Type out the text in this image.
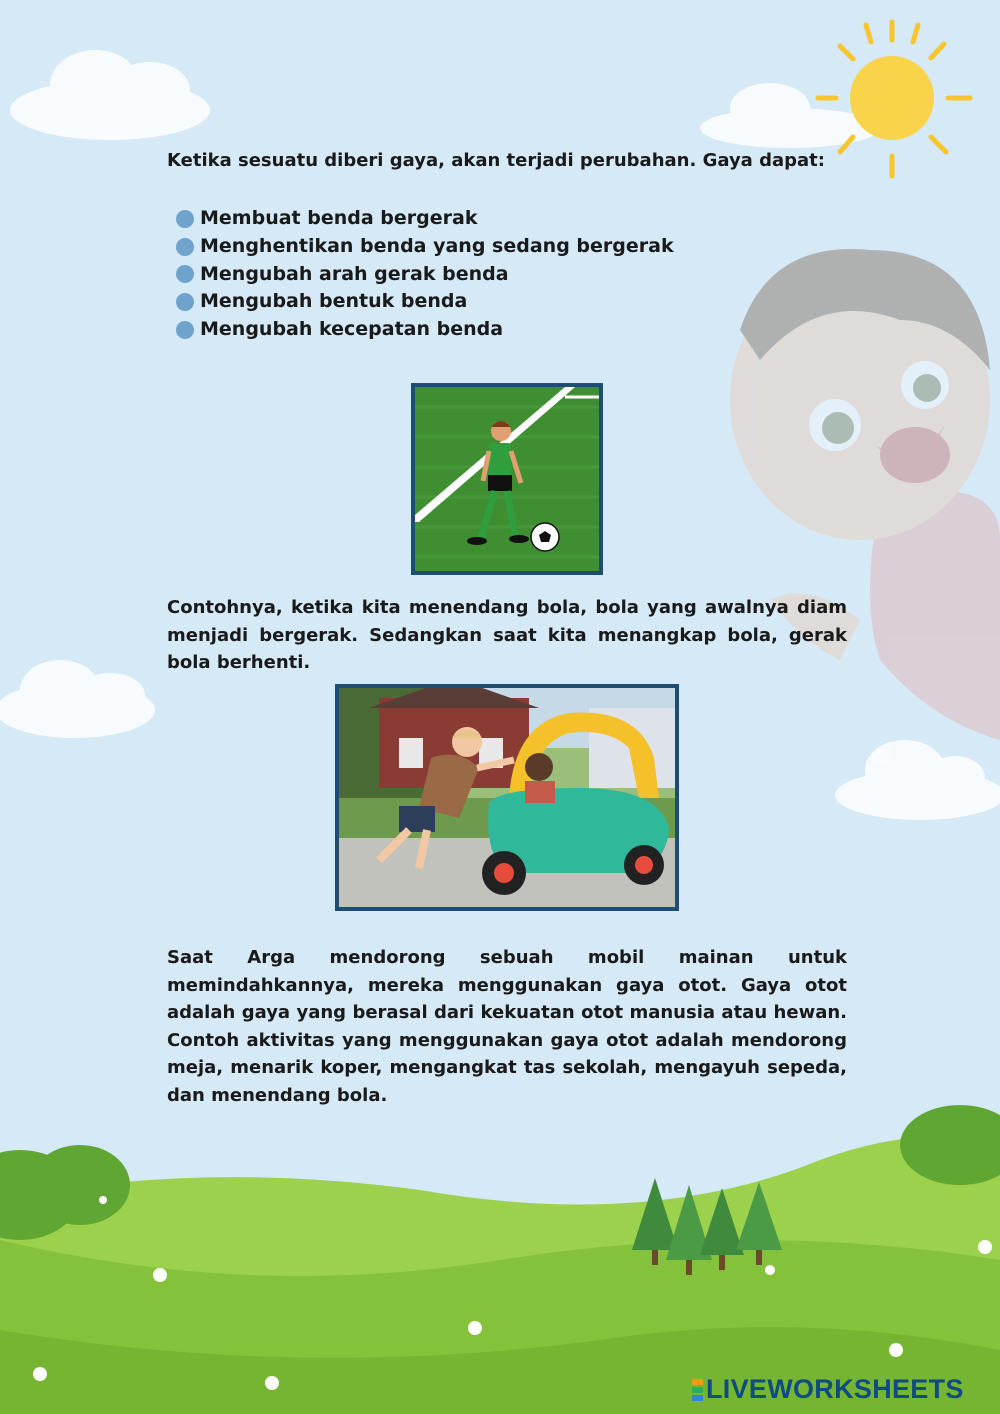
Ketika sesuatu diberi gaya, akan terjadi perubahan. Gaya dapat:

Membuat benda bergerak
Menghentikan benda yang sedang bergerak
Mengubah arah gerak benda
Mengubah bentuk benda
Mengubah kecepatan benda

Contohnya, ketika kita menendang bola, bola yang awalnya diam menjadi bergerak. Sedangkan saat kita menangkap bola, gerak bola berhenti.

Saat Arga mendorong sebuah mobil mainan untuk memindahkannya, mereka menggunakan gaya otot. Gaya otot adalah gaya yang berasal dari kekuatan otot manusia atau hewan. Contoh aktivitas yang menggunakan gaya otot adalah mendorong meja, menarik koper, mengangkat tas sekolah, mengayuh sepeda, dan menendang bola.

LIVEWORKSHEETS
